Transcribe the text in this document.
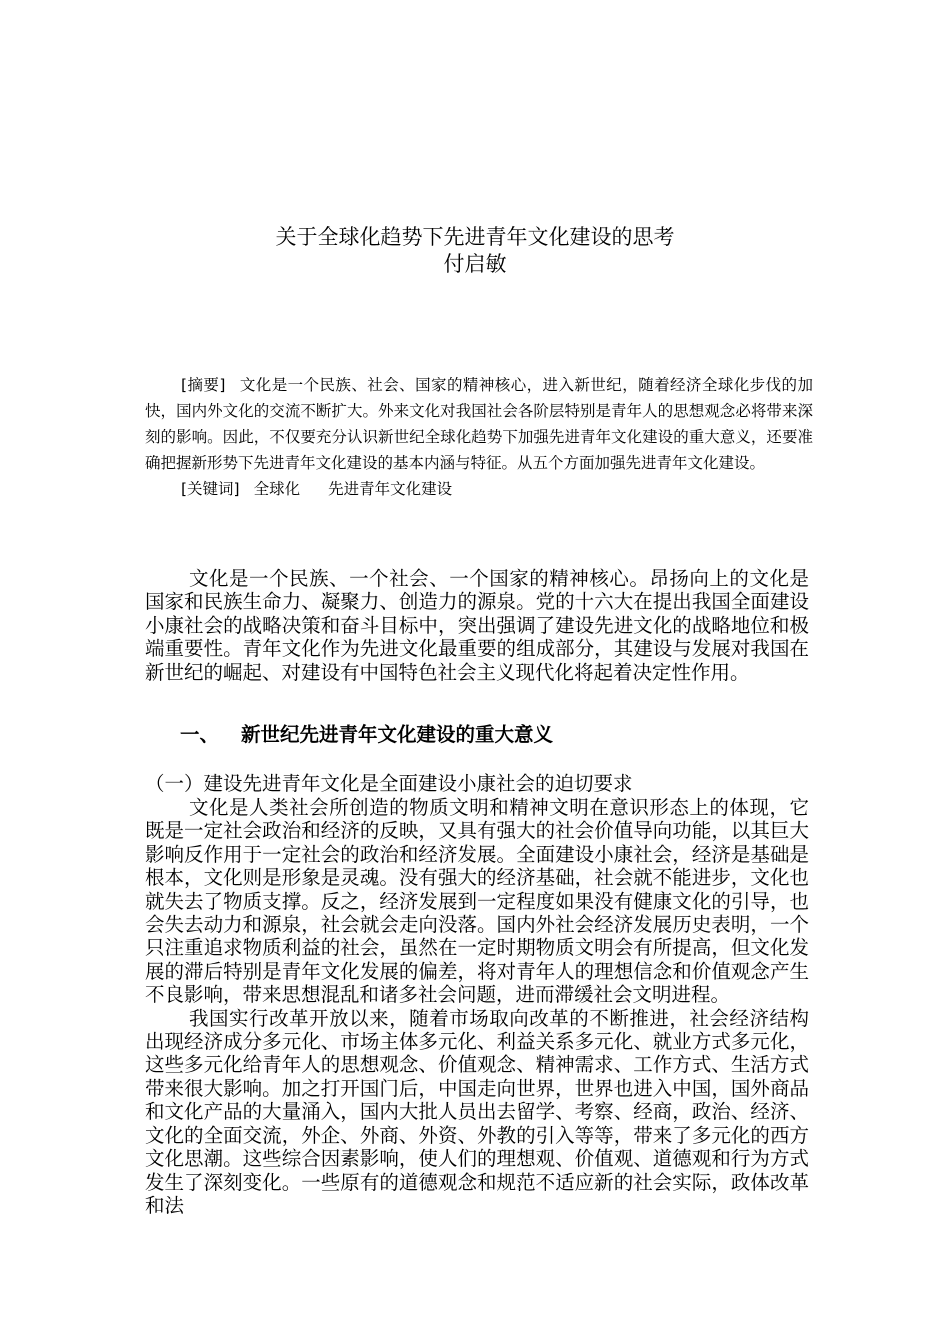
关于全球化趋势下先进青年文化建设的思考
付启敏

[摘要] 文化是一个民族、社会、国家的精神核心，进入新世纪，随着经济全球化步伐的加快，国内外文化的交流不断扩大。外来文化对我国社会各阶层特别是青年人的思想观念必将带来深刻的影响。因此，不仅要充分认识新世纪全球化趋势下加强先进青年文化建设的重大意义，还要准确把握新形势下先进青年文化建设的基本内涵与特征。从五个方面加强先进青年文化建设。

[关键词] 全球化 先进青年文化建设

文化是一个民族、一个社会、一个国家的精神核心。昂扬向上的文化是国家和民族生命力、凝聚力、创造力的源泉。党的十六大在提出我国全面建设小康社会的战略决策和奋斗目标中，突出强调了建设先进文化的战略地位和极端重要性。青年文化作为先进文化最重要的组成部分，其建设与发展对我国在新世纪的崛起、对建设有中国特色社会主义现代化将起着决定性作用。

一、 新世纪先进青年文化建设的重大意义
（一）建设先进青年文化是全面建设小康社会的迫切要求

文化是人类社会所创造的物质文明和精神文明在意识形态上的体现，它既是一定社会政治和经济的反映，又具有强大的社会价值导向功能，以其巨大影响反作用于一定社会的政治和经济发展。全面建设小康社会，经济是基础是根本，文化则是形象是灵魂。没有强大的经济基础，社会就不能进步，文化也就失去了物质支撑。反之，经济发展到一定程度如果没有健康文化的引导，也会失去动力和源泉，社会就会走向没落。国内外社会经济发展历史表明，一个只注重追求物质利益的社会，虽然在一定时期物质文明会有所提高，但文化发展的滞后特别是青年文化发展的偏差，将对青年人的理想信念和价值观念产生不良影响，带来思想混乱和诸多社会问题，进而滞缓社会文明进程。

我国实行改革开放以来，随着市场取向改革的不断推进，社会经济结构出现经济成分多元化、市场主体多元化、利益关系多元化、就业方式多元化，这些多元化给青年人的思想观念、价值观念、精神需求、工作方式、生活方式带来很大影响。加之打开国门后，中国走向世界，世界也进入中国，国外商品和文化产品的大量涌入，国内大批人员出去留学、考察、经商，政治、经济、文化的全面交流，外企、外商、外资、外教的引入等等，带来了多元化的西方文化思潮。这些综合因素影响，使人们的理想观、价值观、道德观和行为方式发生了深刻变化。一些原有的道德观念和规范不适应新的社会实际，政体改革和法
